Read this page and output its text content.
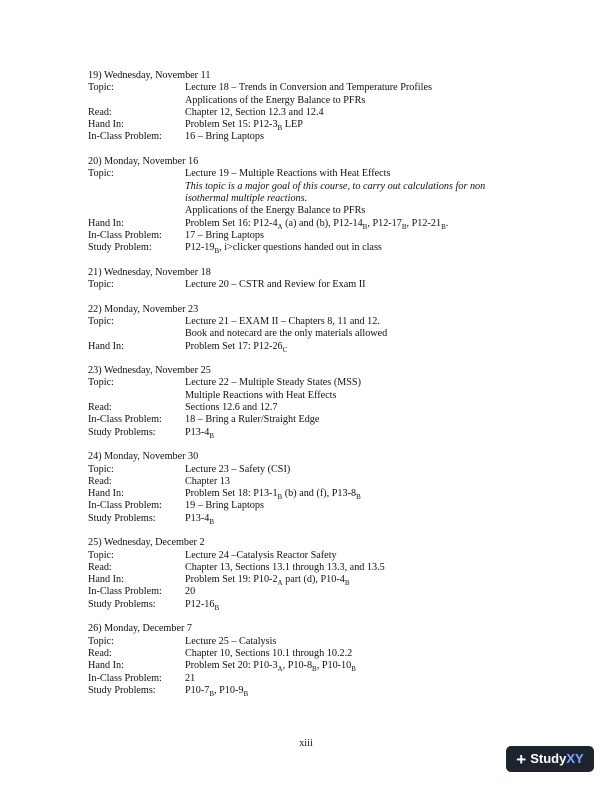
19) Wednesday, November 11
Topic:	Lecture 18 – Trends in Conversion and Temperature Profiles
Applications of the Energy Balance to PFRs
Read:	Chapter 12, Section 12.3 and 12.4
Hand In:	Problem Set 15: $P12-3_B$ LEP
In-Class Problem:	16 – Bring Laptops
20) Monday, November 16
Topic:	Lecture 19 – Multiple Reactions with Heat Effects
This topic is a major goal of this course, to carry out calculations for non
isothermal multiple reactions.
Applications of the Energy Balance to PFRs
Hand In:	Problem Set 16: $P12-4_A$ (a) and (b), $P12-14_B$, $P12-17_B$, $P12-21_B$.
In-Class Problem:	17 – Bring Laptops
Study Problem:	$P12-19_B$, i>clicker questions handed out in class
21) Wednesday, November 18
Topic:	Lecture 20 – CSTR and Review for Exam II
22) Monday, November 23
Topic:	Lecture 21 – EXAM II – Chapters 8, 11 and 12.
Book and notecard are the only materials allowed
Hand In:	Problem Set 17: $P12-26_C$
23) Wednesday, November 25
Topic:	Lecture 22 – Multiple Steady States (MSS)
Multiple Reactions with Heat Effects
Read:	Sections 12.6 and 12.7
In-Class Problem:	18 – Bring a Ruler/Straight Edge
Study Problems:	$P13-4_B$
24) Monday, November 30
Topic:	Lecture 23 – Safety (CSI)
Read:	Chapter 13
Hand In:	Problem Set 18: $P13-1_B$ (b) and (f), $P13-8_B$
In-Class Problem:	19 – Bring Laptops
Study Problems:	$P13-4_B$
25) Wednesday, December 2
Topic:	Lecture 24 –Catalysis Reactor Safety
Read:	Chapter 13, Sections 13.1 through 13.3, and 13.5
Hand In:	Problem Set 19: $P10-2_A$ part (d), $P10-4_B$
In-Class Problem:	20
Study Problems:	$P12-16_B$
26) Monday, December 7
Topic:	Lecture 25 – Catalysis
Read:	Chapter 10, Sections 10.1 through 10.2.2
Hand In:	Problem Set 20: $P10-3_A$, $P10-8_B$, $P10-10_B$
In-Class Problem:	21
Study Problems:	$P10-7_B$, $P10-9_B$
xiii
+ Study XY
